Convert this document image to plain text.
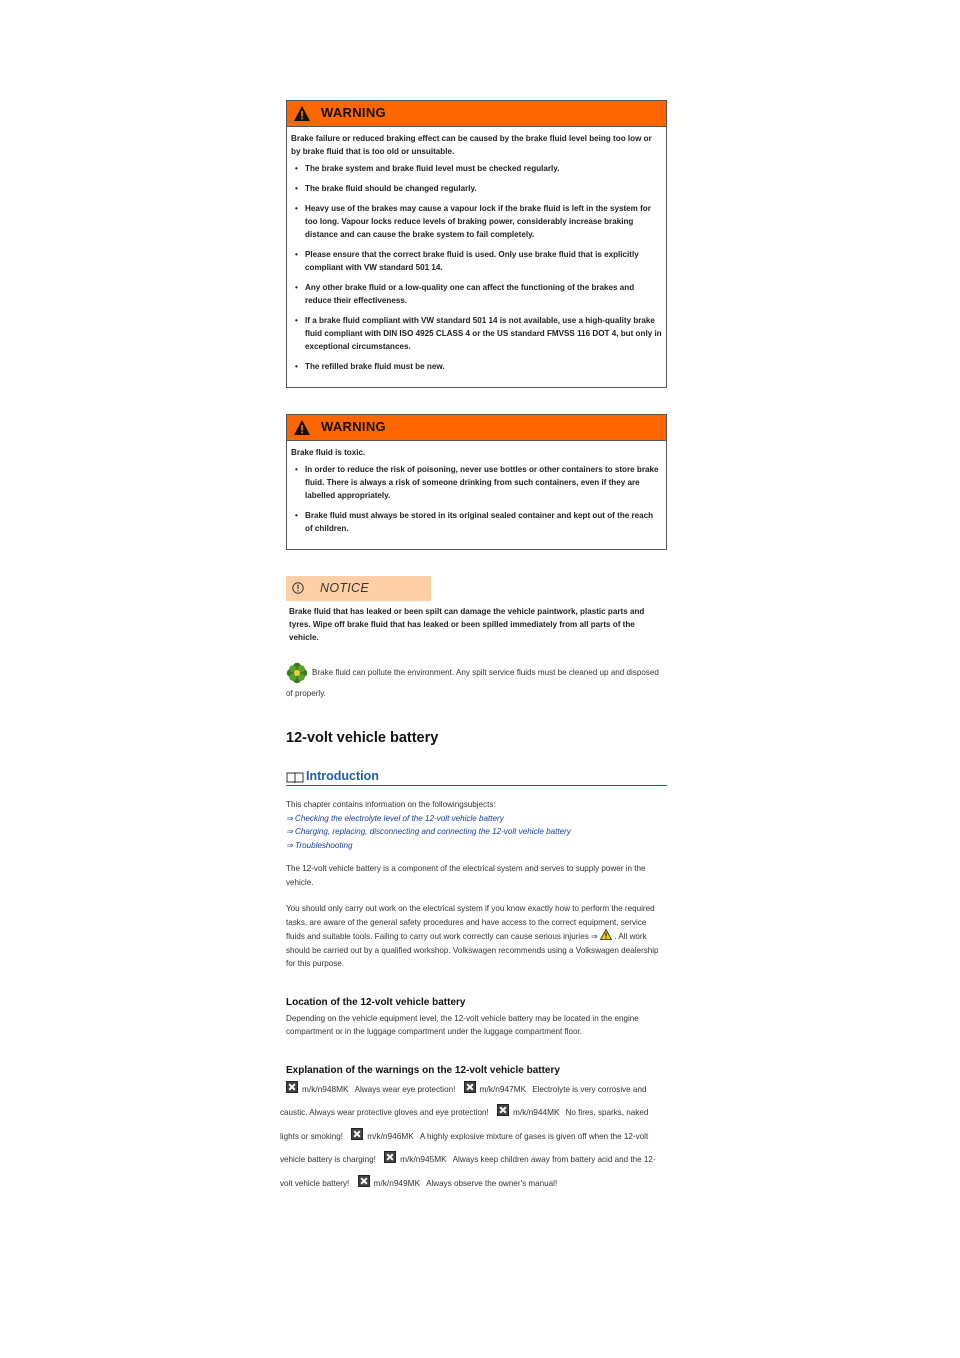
WARNING

Brake failure or reduced braking effect can be caused by the brake fluid level being too low or by brake fluid that is too old or unsuitable.

• The brake system and brake fluid level must be checked regularly.
• The brake fluid should be changed regularly.
• Heavy use of the brakes may cause a vapour lock if the brake fluid is left in the system for too long. Vapour locks reduce levels of braking power, considerably increase braking distance and can cause the brake system to fail completely.
• Please ensure that the correct brake fluid is used. Only use brake fluid that is explicitly compliant with VW standard 501 14.
• Any other brake fluid or a low-quality one can affect the functioning of the brakes and reduce their effectiveness.
• If a brake fluid compliant with VW standard 501 14 is not available, use a high-quality brake fluid compliant with DIN ISO 4925 CLASS 4 or the US standard FMVSS 116 DOT 4, but only in exceptional circumstances.
• The refilled brake fluid must be new.
WARNING

Brake fluid is toxic.

• In order to reduce the risk of poisoning, never use bottles or other containers to store brake fluid. There is always a risk of someone drinking from such containers, even if they are labelled appropriately.
• Brake fluid must always be stored in its original sealed container and kept out of the reach of children.
NOTICE
Brake fluid that has leaked or been spilt can damage the vehicle paintwork, plastic parts and tyres. Wipe off brake fluid that has leaked or been spilled immediately from all parts of the vehicle.
Brake fluid can pollute the environment. Any spilt service fluids must be cleaned up and disposed of properly.
12-volt vehicle battery
Introduction
This chapter contains information on the followingsubjects:
⇒ Checking the electrolyte level of the 12-volt vehicle battery
⇒ Charging, replacing, disconnecting and connecting the 12-volt vehicle battery
⇒ Troubleshooting
The 12-volt vehicle battery is a component of the electrical system and serves to supply power in the vehicle.
You should only carry out work on the electrical system if you know exactly how to perform the required tasks, are aware of the general safety procedures and have access to the correct equipment, service fluids and suitable tools. Failing to carry out work correctly can cause serious injuries ⇒ . All work should be carried out by a qualified workshop. Volkswagen recommends using a Volkswagen dealership for this purpose.
Location of the 12-volt vehicle battery
Depending on the vehicle equipment level, the 12-volt vehicle battery may be located in the engine compartment or in the luggage compartment under the luggage compartment floor.
Explanation of the warnings on the 12-volt vehicle battery
m/k/n948MK Always wear eye protection!	m/k/n947MK Electrolyte is very corrosive and caustic. Always wear protective gloves and eye protection!	m/k/n944MK No fires, sparks, naked lights or smoking!	m/k/n946MK A highly explosive mixture of gases is given off when the 12-volt vehicle battery is charging!	m/k/n945MK Always keep children away from battery acid and the 12-volt vehicle battery!	m/k/n949MK Always observe the owner's manual!
